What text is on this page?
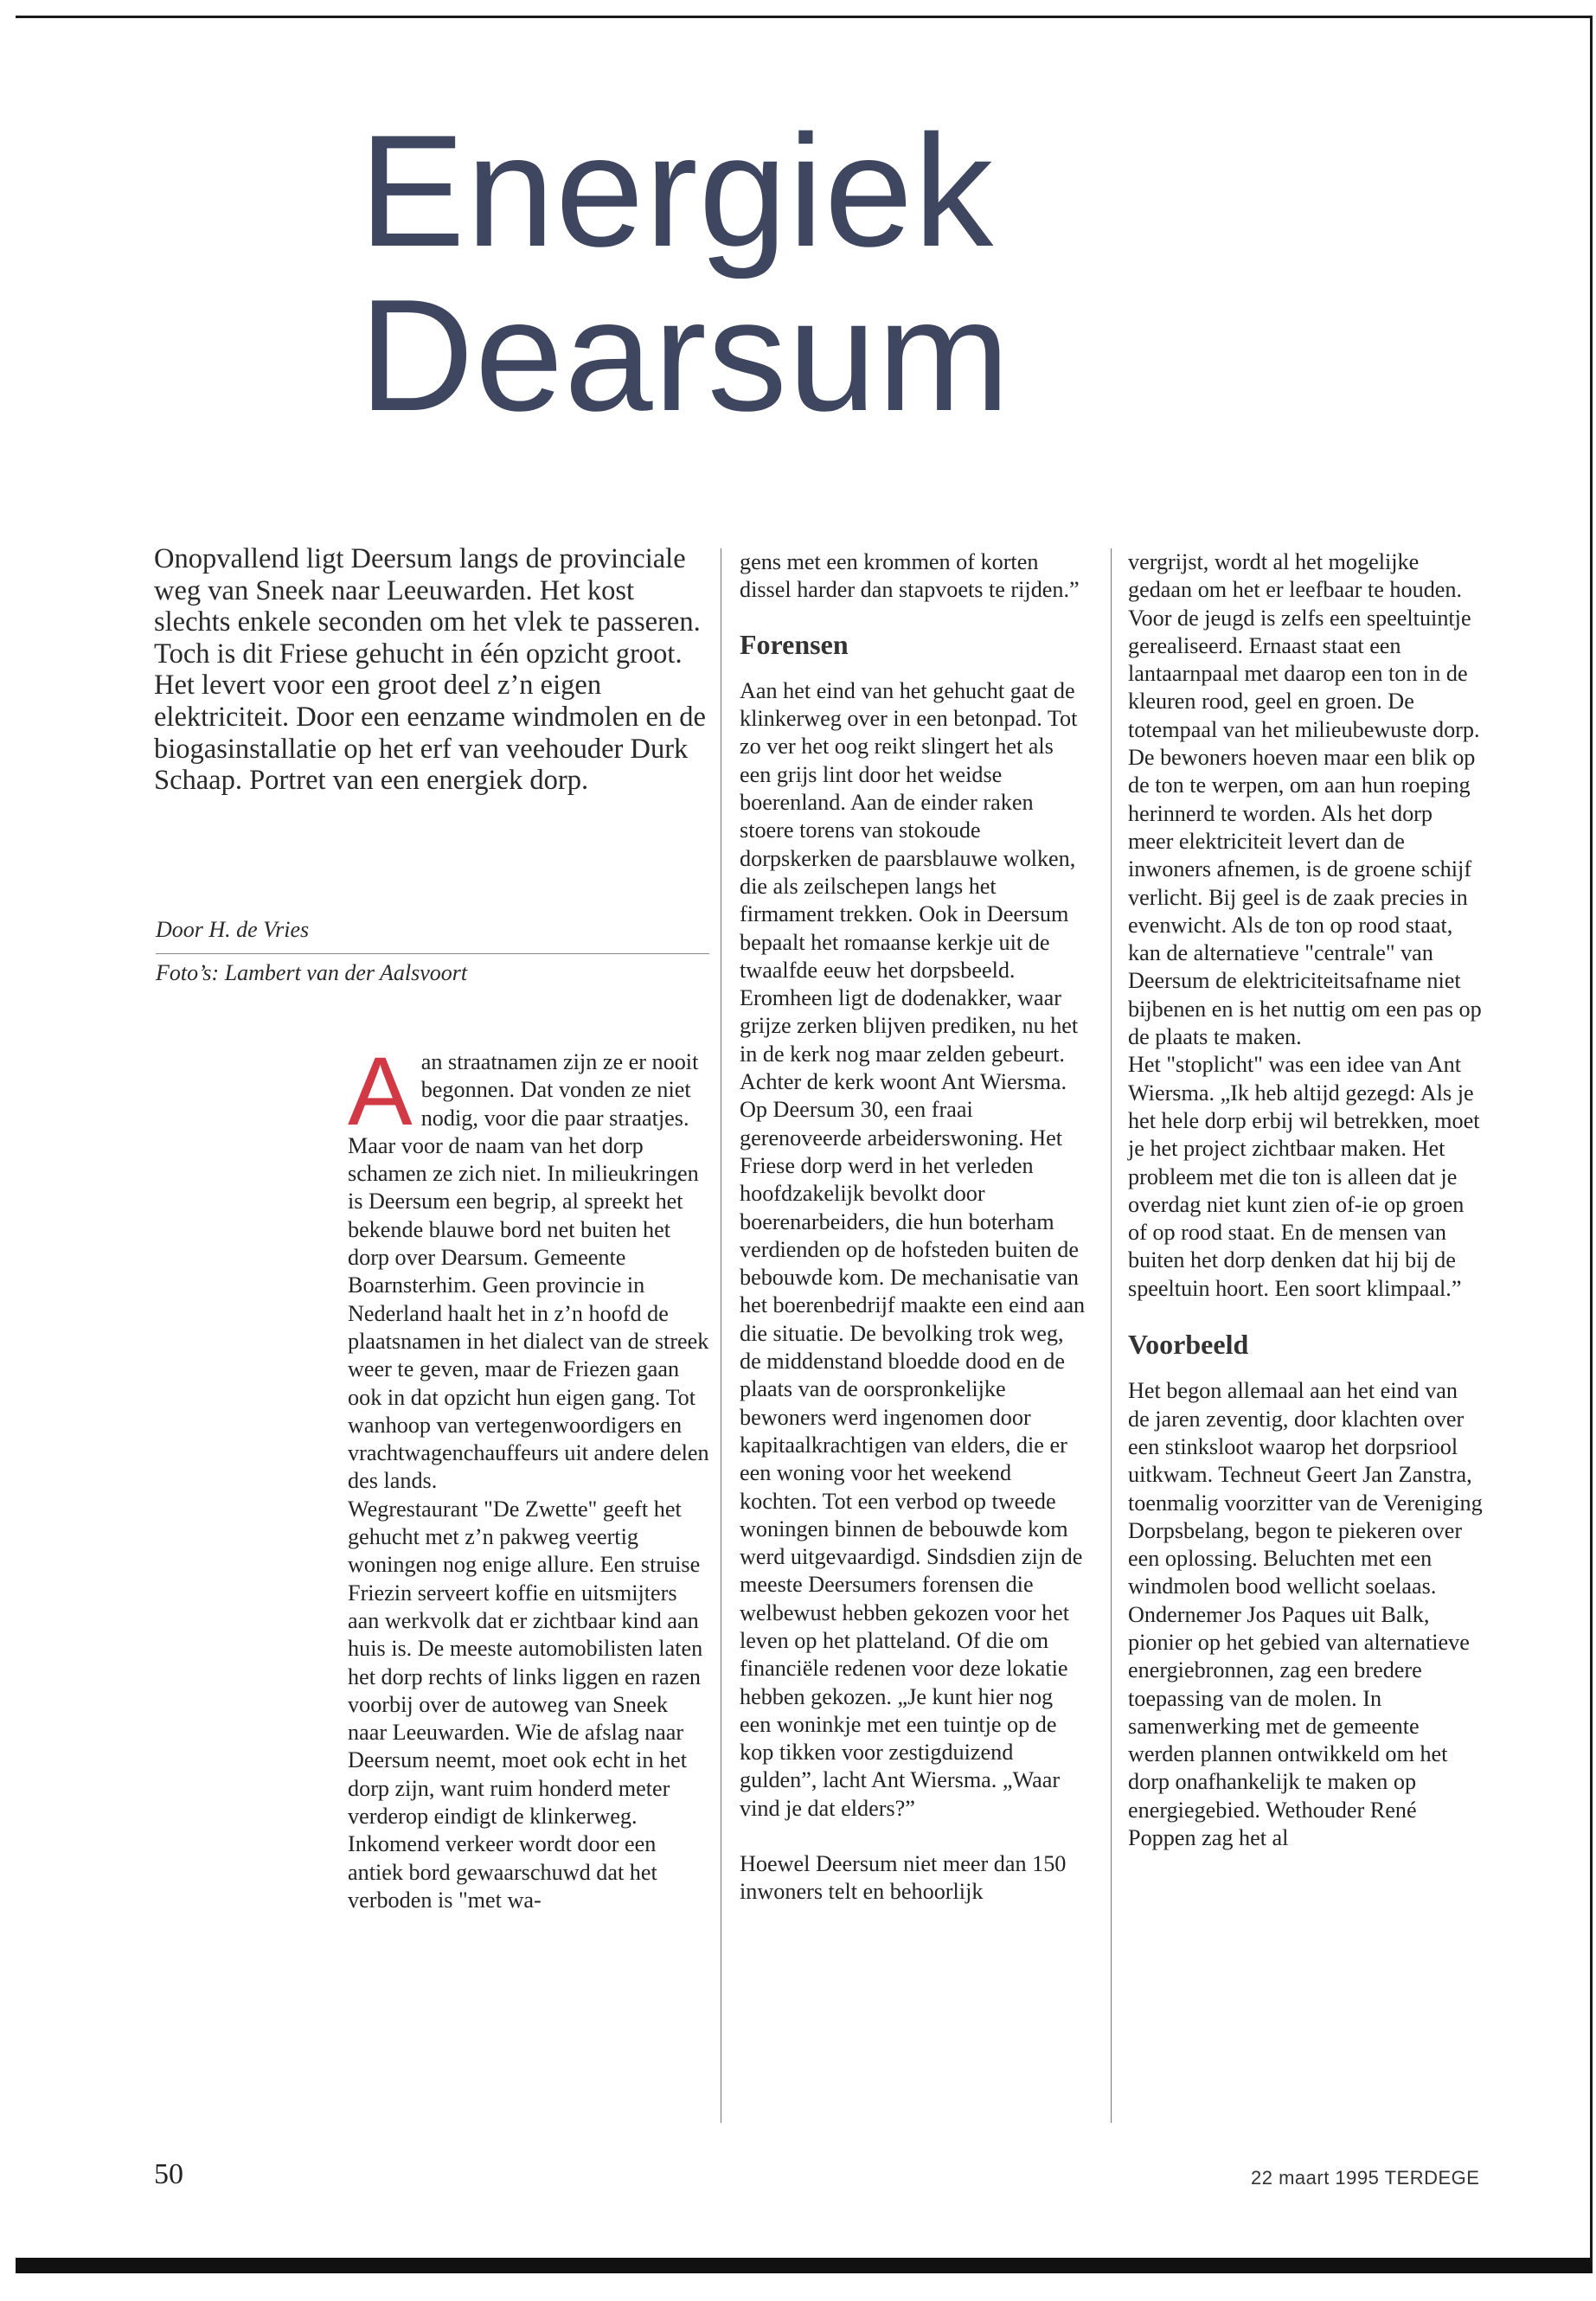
Energiek
Dearsum

Onopvallend ligt Deersum langs de provinciale weg van Sneek naar Leeuwarden. Het kost slechts enkele seconden om het vlek te passeren. Toch is dit Friese gehucht in één opzicht groot. Het levert voor een groot deel z’n eigen elektriciteit. Door een eenzame windmolen en de biogasinstallatie op het erf van veehouder Durk Schaap. Portret van een energiek dorp.

Door H. de Vries
Foto’s: Lambert van der Aalsvoort
A an straatnamen zijn ze er nooit begonnen. Dat vonden ze niet nodig, voor die paar straatjes. Maar voor de naam van het dorp schamen ze zich niet. In milieukringen is Deersum een begrip, al spreekt het bekende blauwe bord net buiten het dorp over Dearsum. Gemeente Boarnsterhim. Geen provincie in Nederland haalt het in z’n hoofd de plaatsnamen in het dialect van de streek weer te geven, maar de Friezen gaan ook in dat opzicht hun eigen gang. Tot wanhoop van vertegenwoordigers en vrachtwagenchauffeurs uit andere delen des lands.

Wegrestaurant "De Zwette" geeft het gehucht met z’n pakweg veertig woningen nog enige allure. Een struise Friezin serveert koffie en uitsmijters aan werkvolk dat er zichtbaar kind aan huis is. De meeste automobilisten laten het dorp rechts of links liggen en razen voorbij over de autoweg van Sneek naar Leeuwarden. Wie de afslag naar Deersum neemt, moet ook echt in het dorp zijn, want ruim honderd meter verderop eindigt de klinkerweg. Inkomend verkeer wordt door een antiek bord gewaarschuwd dat het verboden is "met wa-

gens met een krommen of korten dissel harder dan stapvoets te rijden.”

Forensen

Aan het eind van het gehucht gaat de klinkerweg over in een betonpad. Tot zo ver het oog reikt slingert het als een grijs lint door het weidse boerenland. Aan de einder raken stoere torens van stokoude dorpskerken de paarsblauwe wolken, die als zeilschepen langs het firmament trekken. Ook in Deersum bepaalt het romaanse kerkje uit de twaalfde eeuw het dorpsbeeld. Eromheen ligt de dodenakker, waar grijze zerken blijven prediken, nu het in de kerk nog maar zelden gebeurt. Achter de kerk woont Ant Wiersma. Op Deersum 30, een fraai gerenoveerde arbeiderswoning. Het Friese dorp werd in het verleden hoofdzakelijk bevolkt door boerenarbeiders, die hun boterham verdienden op de hofsteden buiten de bebouwde kom. De mechanisatie van het boerenbedrijf maakte een eind aan die situatie. De bevolking trok weg, de middenstand bloedde dood en de plaats van de oorspronkelijke bewoners werd ingenomen door kapitaalkrachtigen van elders, die er een woning voor het weekend kochten. Tot een verbod op tweede woningen binnen de bebouwde kom werd uitgevaardigd. Sindsdien zijn de meeste Deersumers forensen die welbewust hebben gekozen voor het leven op het platteland. Of die om financiële redenen voor deze lokatie hebben gekozen. „Je kunt hier nog een woninkje met een tuintje op de kop tikken voor zestigduizend gulden”, lacht Ant Wiersma. „Waar vind je dat elders?”

Hoewel Deersum niet meer dan 150 inwoners telt en behoorlijk

vergrijst, wordt al het mogelijke gedaan om het er leefbaar te houden. Voor de jeugd is zelfs een speeltuintje gerealiseerd. Ernaast staat een lantaarnpaal met daarop een ton in de kleuren rood, geel en groen. De totempaal van het milieubewuste dorp. De bewoners hoeven maar een blik op de ton te werpen, om aan hun roeping herinnerd te worden. Als het dorp meer elektriciteit levert dan de inwoners afnemen, is de groene schijf verlicht. Bij geel is de zaak precies in evenwicht. Als de ton op rood staat, kan de alternatieve "centrale" van Deersum de elektriciteitsafname niet bijbenen en is het nuttig om een pas op de plaats te maken.

Het "stoplicht" was een idee van Ant Wiersma. „Ik heb altijd gezegd: Als je het hele dorp erbij wil betrekken, moet je het project zichtbaar maken. Het probleem met die ton is alleen dat je overdag niet kunt zien of-ie op groen of op rood staat. En de mensen van buiten het dorp denken dat hij bij de speeltuin hoort. Een soort klimpaal.”

Voorbeeld

Het begon allemaal aan het eind van de jaren zeventig, door klachten over een stinksloot waarop het dorpsriool uitkwam. Techneut Geert Jan Zanstra, toenmalig voorzitter van de Vereniging Dorpsbelang, begon te piekeren over een oplossing. Beluchten met een windmolen bood wellicht soelaas. Ondernemer Jos Paques uit Balk, pionier op het gebied van alternatieve energiebronnen, zag een bredere toepassing van de molen. In samenwerking met de gemeente werden plannen ontwikkeld om het dorp onafhankelijk te maken op energiegebied. Wethouder René Poppen zag het al

50	22 maart 1995 TERDEGE
